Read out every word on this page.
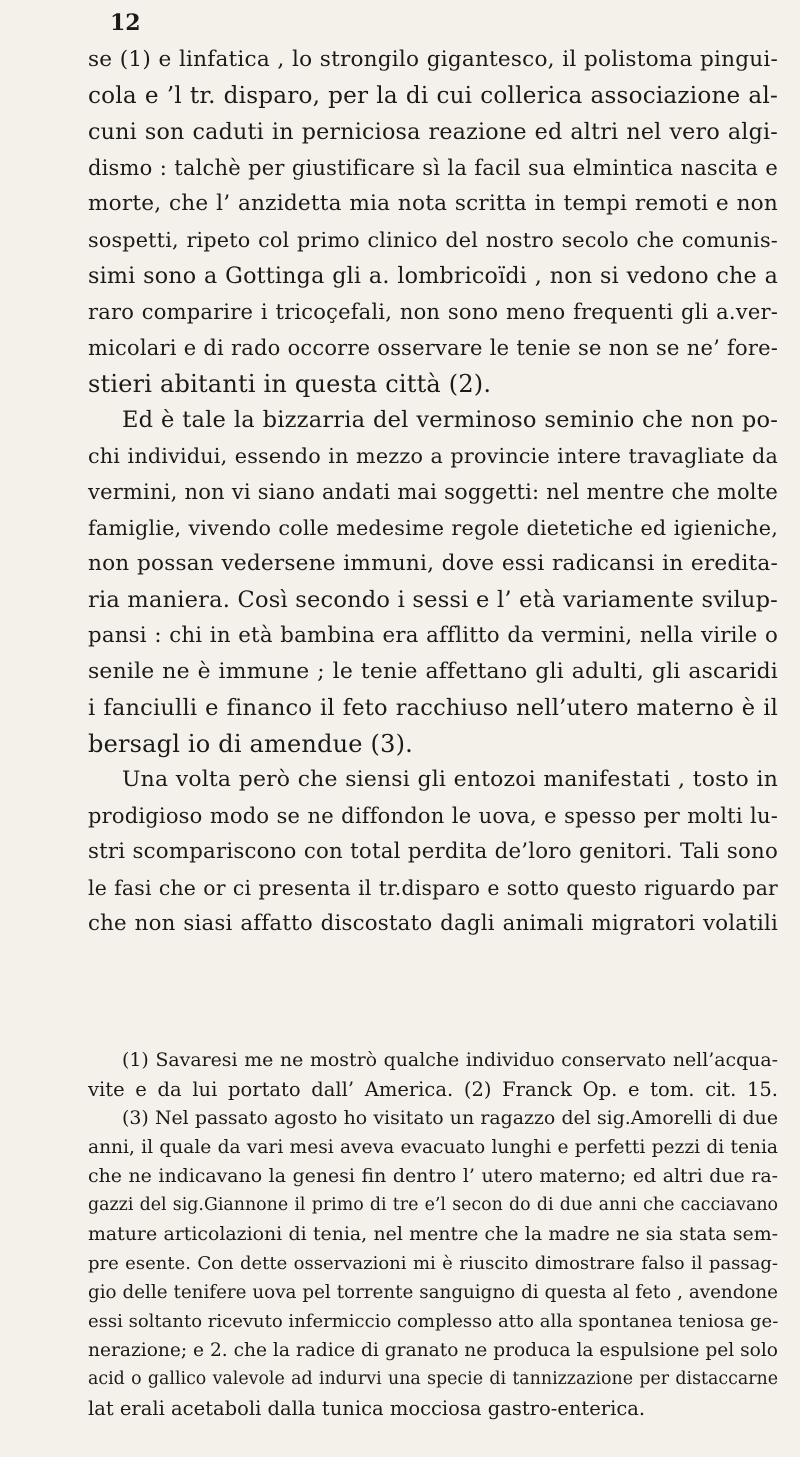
12
se (1) e linfatica , lo strongilo gigantesco, il polistoma pingui-
cola e ’l tr. disparo, per la di cui collerica associazione al-
cuni son caduti in perniciosa reazione ed altri nel vero algi-
dismo : talchè per giustificare sì la facil sua elmintica nascita e
morte, che l’ anzidetta mia nota scritta in tempi remoti e non
sospetti, ripeto col primo clinico del nostro secolo che comunis-
simi sono a Gottinga gli a. lombricoïdi , non si vedono che a
raro comparire i tricoçefali, non sono meno frequenti gli a.ver-
micolari e di rado occorre osservare le tenie se non se ne’ fore-
stieri abitanti in questa città (2).
Ed è tale la bizzarria del verminoso seminio che non po-
chi individui, essendo in mezzo a provincie intere travagliate da
vermini, non vi siano andati mai soggetti: nel mentre che molte
famiglie, vivendo colle medesime regole dietetiche ed igieniche,
non possan vedersene immuni, dove essi radicansi in eredita-
ria maniera. Così secondo i sessi e l’ età variamente svilup-
pansi : chi in età bambina era afflitto da vermini, nella virile o
senile ne è immune ; le tenie affettano gli adulti, gli ascaridi
i fanciulli e financo il feto racchiuso nell’utero materno è il
bersagl io di amendue (3).
Una volta però che siensi gli entozoi manifestati , tosto in
prodigioso modo se ne diffondon le uova, e spesso per molti lu-
stri scompariscono con total perdita de’loro genitori. Tali sono
le fasi che or ci presenta il tr.disparo e sotto questo riguardo par
che non siasi affatto discostato dagli animali migratori volatili
(1) Savaresi me ne mostrò qualche individuo conservato nell’acqua-
vite e da lui portato dall’ America. (2) Franck Op. e tom. cit. 15.
(3) Nel passato agosto ho visitato un ragazzo del sig.Amorelli di due
anni, il quale da vari mesi aveva evacuato lunghi e perfetti pezzi di tenia
che ne indicavano la genesi fin dentro l’ utero materno; ed altri due ra-
gazzi del sig.Giannone il primo di tre e’l secon do di due anni che cacciavano
mature articolazioni di tenia, nel mentre che la madre ne sia stata sem-
pre esente. Con dette osservazioni mi è riuscito dimostrare falso il passag-
gio delle tenifere uova pel torrente sanguigno di questa al feto , avendone
essi soltanto ricevuto infermiccio complesso atto alla spontanea teniosa ge-
nerazione; e 2. che la radice di granato ne produca la espulsione pel solo
acid o gallico valevole ad indurvi una specie di tannizzazione per distaccarne
lat erali acetaboli dalla tunica mocciosa gastro-enterica.
